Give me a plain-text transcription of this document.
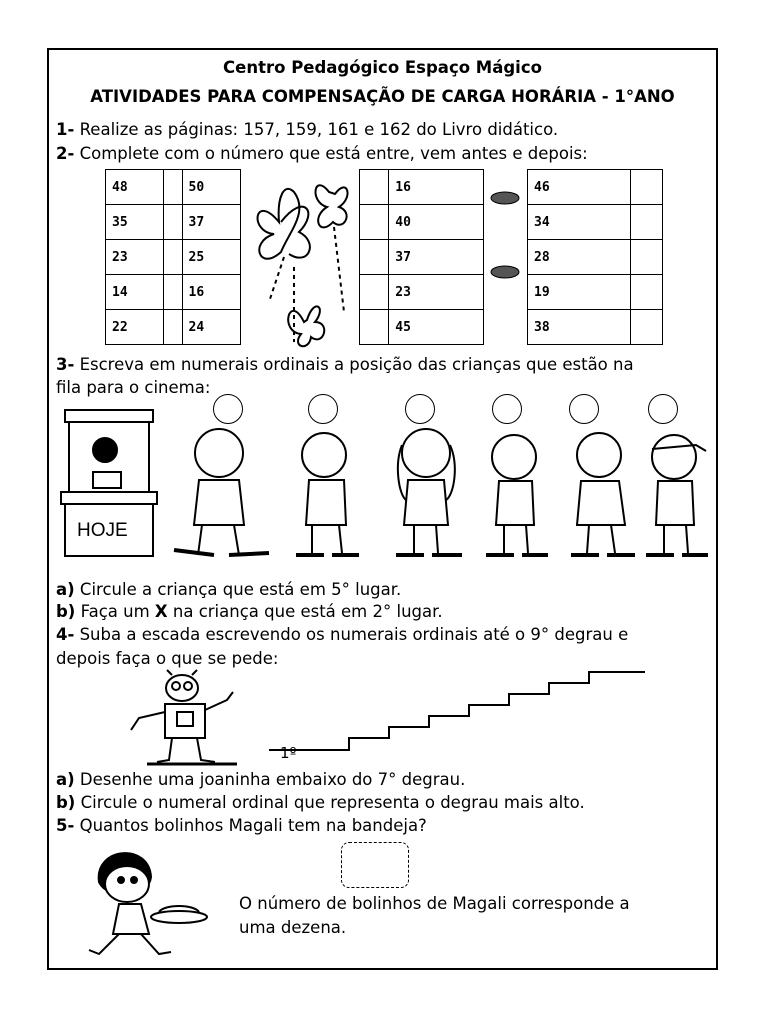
Centro Pedagógico Espaço Mágico
ATIVIDADES PARA COMPENSAÇÃO DE CARGA HORÁRIA - 1°ANO
1- Realize as páginas: 157, 159, 161 e 162 do Livro didático.
2- Complete com o número que está entre, vem antes e depois:
48		50
35		37
23		25
14		16
22		24
	16
	40
	37
	23
	45
46	
34	
28	
19	
38	
3- Escreva em numerais ordinais a posição das crianças que estão na
fila para o cinema:
HOJE
a) Circule a criança que está em 5° lugar.
b) Faça um X na criança que está em 2° lugar.
4- Suba a escada escrevendo os numerais ordinais até o 9° degrau e
depois faça o que se pede:
1º
a) Desenhe uma joaninha embaixo do 7° degrau.
b) Circule o numeral ordinal que representa o degrau mais alto.
5- Quantos bolinhos Magali tem na bandeja?
O número de bolinhos de Magali corresponde a
uma dezena.
